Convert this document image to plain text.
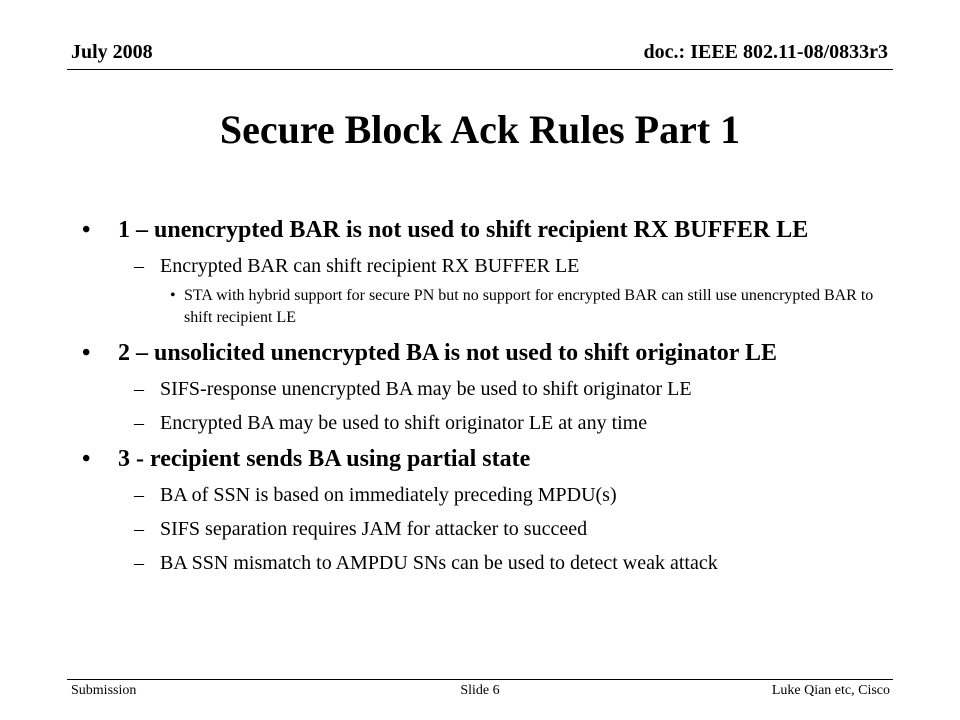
July 2008	doc.: IEEE 802.11-08/0833r3
Secure Block Ack Rules Part 1
• 1 – unencrypted BAR is not used to shift recipient RX BUFFER LE
– Encrypted BAR can shift recipient RX BUFFER LE
• STA with hybrid support for secure PN but no support for encrypted BAR can still use unencrypted BAR to shift recipient LE
• 2 – unsolicited unencrypted BA is not used to shift originator LE
– SIFS-response unencrypted BA may be used to shift originator LE
– Encrypted BA may be used to shift originator LE at any time
• 3 - recipient sends BA using partial state
– BA of SSN is based on immediately preceding MPDU(s)
– SIFS separation requires JAM for attacker to succeed
– BA SSN mismatch to AMPDU SNs can be used to detect weak attack
Submission	Slide 6	Luke Qian etc, Cisco
